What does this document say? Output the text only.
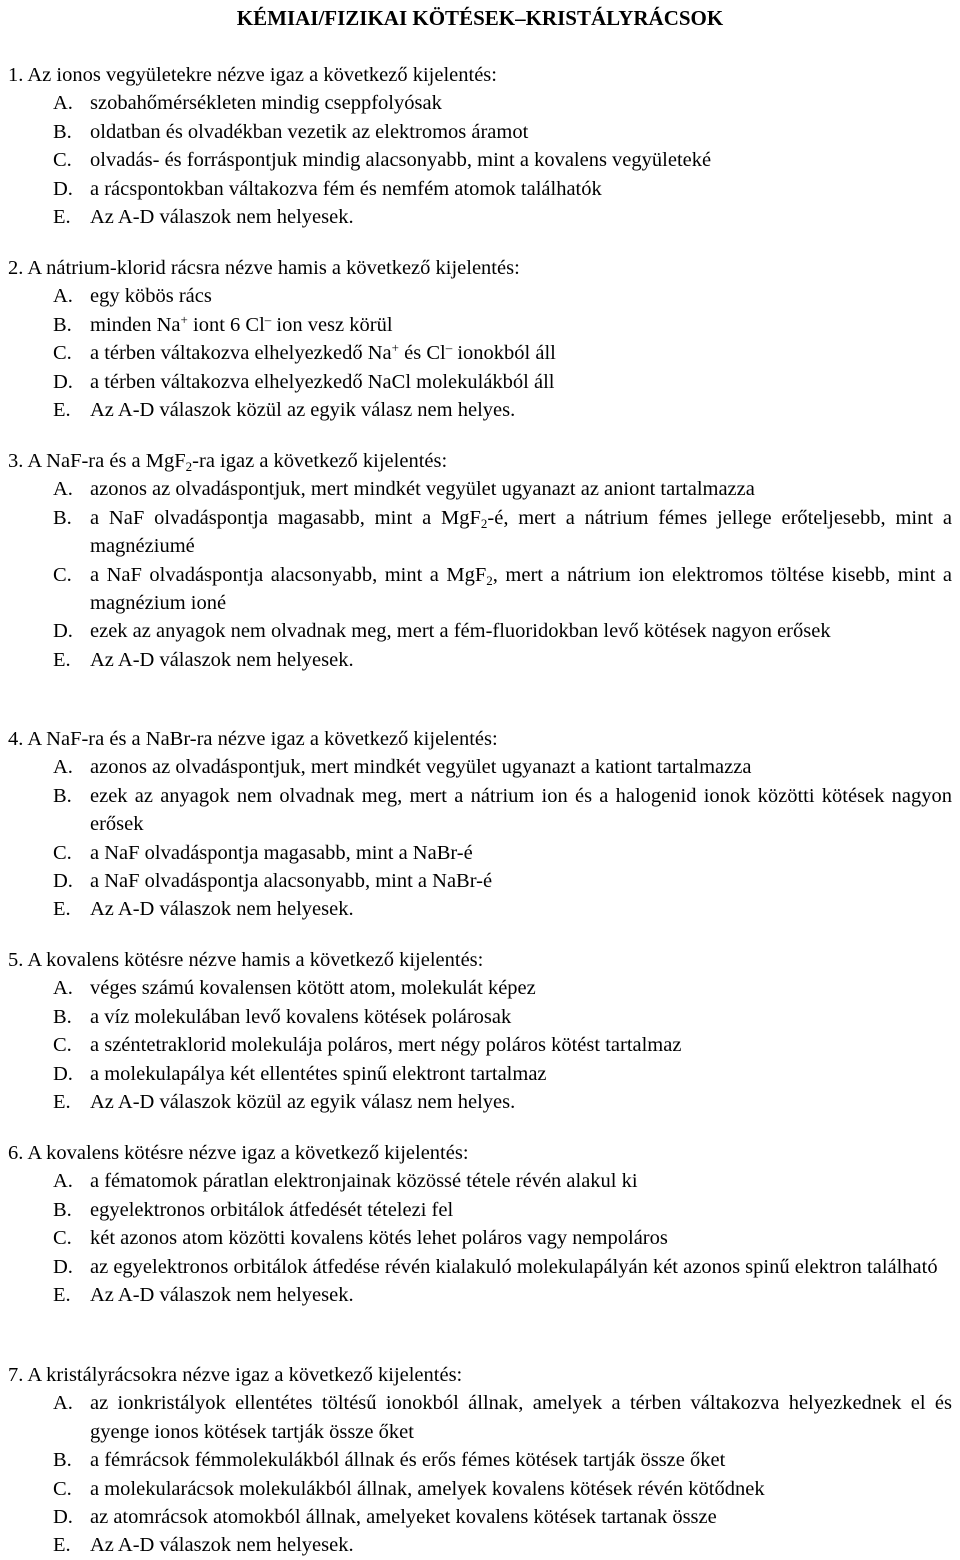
KÉMIAI/FIZIKAI KÖTÉSEK–KRISTÁLYRÁCSOK
1. Az ionos vegyületekre nézve igaz a következő kijelentés:
A. szobahőmérsékleten mindig cseppfolyósak
B. oldatban és olvadékban vezetik az elektromos áramot
C. olvadás- és forráspontjuk mindig alacsonyabb, mint a kovalens vegyületeké
D. a rácspontokban váltakozva fém és nemfém atomok találhatók
E. Az A-D válaszok nem helyesek.
2. A nátrium-klorid rácsra nézve hamis a következő kijelentés:
A. egy köbös rács
B. minden Na+ iont 6 Cl– ion vesz körül
C. a térben váltakozva elhelyezkedő Na+ és Cl– ionokból áll
D. a térben váltakozva elhelyezkedő NaCl molekulákból áll
E. Az A-D válaszok közül az egyik válasz nem helyes.
3. A NaF-ra és a MgF$_2$-ra igaz a következő kijelentés:
A. azonos az olvadáspontjuk, mert mindkét vegyület ugyanazt az aniont tartalmazza
B. a NaF olvadáspontja magasabb, mint a MgF$_2$-é, mert a nátrium fémes jellege erőteljesebb, mint a magnéziumé
C. a NaF olvadáspontja alacsonyabb, mint a MgF$_2$, mert a nátrium ion elektromos töltése kisebb, mint a magnézium ioné
D. ezek az anyagok nem olvadnak meg, mert a fém-fluoridokban levő kötések nagyon erősek
E. Az A-D válaszok nem helyesek.
4. A NaF-ra és a NaBr-ra nézve igaz a következő kijelentés:
A. azonos az olvadáspontjuk, mert mindkét vegyület ugyanazt a kationt tartalmazza
B. ezek az anyagok nem olvadnak meg, mert a nátrium ion és a halogenid ionok közötti kötések nagyon erősek
C. a NaF olvadáspontja magasabb, mint a NaBr-é
D. a NaF olvadáspontja alacsonyabb, mint a NaBr-é
E. Az A-D válaszok nem helyesek.
5. A kovalens kötésre nézve hamis a következő kijelentés:
A. véges számú kovalensen kötött atom, molekulát képez
B. a víz molekulában levő kovalens kötések polárosak
C. a széntetraklorid molekulája poláros, mert négy poláros kötést tartalmaz
D. a molekulapálya két ellentétes spinű elektront tartalmaz
E. Az A-D válaszok közül az egyik válasz nem helyes.
6. A kovalens kötésre nézve igaz a következő kijelentés:
A. a fématomok páratlan elektronjainak közössé tétele révén alakul ki
B. egyelektronos orbitálok átfedését tételezi fel
C. két azonos atom közötti kovalens kötés lehet poláros vagy nempoláros
D. az egyelektronos orbitálok átfedése révén kialakuló molekulapályán két azonos spinű elektron található
E. Az A-D válaszok nem helyesek.
7. A kristályrácsokra nézve igaz a következő kijelentés:
A. az ionkristályok ellentétes töltésű ionokból állnak, amelyek a térben váltakozva helyezkednek el és gyenge ionos kötések tartják össze őket
B. a fémrácsok fémmolekulákból állnak és erős fémes kötések tartják össze őket
C. a molekularácsok molekulákból állnak, amelyek kovalens kötések révén kötődnek
D. az atomrácsok atomokból állnak, amelyeket kovalens kötések tartanak össze
E. Az A-D válaszok nem helyesek.
